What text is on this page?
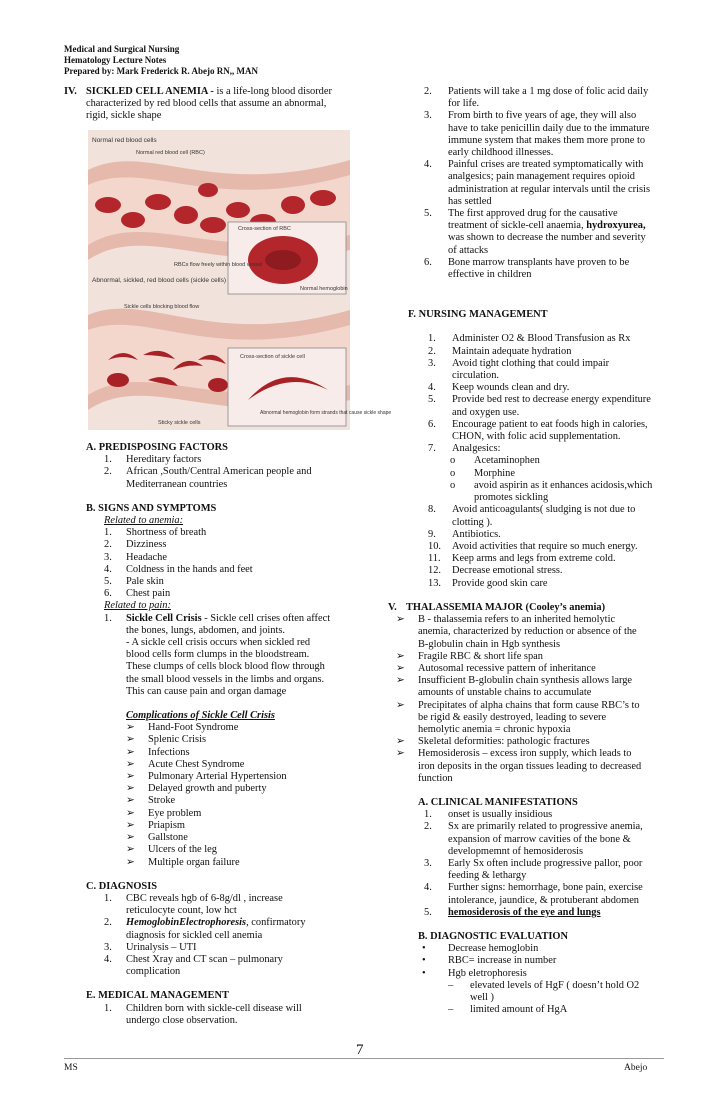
Medical and Surgical Nursing
Hematology Lecture Notes
Prepared by: Mark Frederick R. Abejo RN,, MAN
IV. SICKLED CELL ANEMIA - is a life-long blood disorder
characterized by red blood cells that assume an abnormal,
rigid, sickle shape
Normal red blood cells
Normal red blood cell (RBC)
Cross-section of RBC
RBCs flow freely within blood vessel
Normal hemoglobin
Abnormal, sickled, red blood cells (sickle cells)
Sickle cells blocking blood flow
Cross-section of sickle cell
Sticky sickle cells
Abnormal hemoglobin form strands that cause sickle shape
A. PREDISPOSING FACTORS
1.	Hereditary factors
2.	African ,South/Central American people and
Mediterranean countries
B. SIGNS AND SYMPTOMS
Related to anemia:
1.	Shortness of breath
2.	Dizziness
3.	Headache
4.	Coldness in the hands and feet
5.	Pale skin
6.	Chest pain
Related to pain:
1.	Sickle Cell Crisis - Sickle cell crises often affect
the bones, lungs, abdomen, and joints.
- A sickle cell crisis occurs when sickled red
blood cells form clumps in the bloodstream.
These clumps of cells block blood flow through
the small blood vessels in the limbs and organs.
This can cause pain and organ damage
Complications of Sickle Cell Crisis
➢	Hand-Foot Syndrome
➢	Splenic Crisis
➢	Infections
➢	Acute Chest Syndrome
➢	Pulmonary Arterial Hypertension
➢	Delayed growth and puberty
➢	Stroke
➢	Eye problem
➢	Priapism
➢	Gallstone
➢	Ulcers of the leg
➢	Multiple organ failure
C. DIAGNOSIS
1.	CBC reveals hgb of 6-8g/dl , increase
reticulocyte count, low hct
2.	HemoglobinElectrophoresis, confirmatory
diagnosis for sickled cell anemia
3.	Urinalysis – UTI
4.	Chest Xray and CT scan – pulmonary
complication
E. MEDICAL MANAGEMENT
1.	Children born with sickle-cell disease will
undergo close observation.
2.	Patients will take a 1 mg dose of folic acid daily
for life.
3.	From birth to five years of age, they will also
have to take penicillin daily due to the immature
immune system that makes them more prone to
early childhood illnesses.
4.	Painful crises are treated symptomatically with
analgesics; pain management requires opioid
administration at regular intervals until the crisis
has settled
5.	The first approved drug for the causative
treatment of sickle-cell anaemia, hydroxyurea,
was shown to decrease the number and severity
of attacks
6.	Bone marrow transplants have proven to be
effective in children
F. NURSING MANAGEMENT
1.	Administer O2 & Blood Transfusion as Rx
2.	Maintain adequate hydration
3.	Avoid tight clothing that could impair
circulation.
4.	Keep wounds clean and dry.
5.	Provide bed rest to decrease energy expenditure
and oxygen use.
6.	Encourage patient to eat foods high in calories,
CHON, with folic acid supplementation.
7.	Analgesics:
o	Acetaminophen
o	Morphine
o	avoid aspirin as it enhances acidosis,which
promotes sickling
8.	Avoid anticoagulants( sludging is not due to
clotting ).
9.	Antibiotics.
10.	Avoid activities that require so much energy.
11.	Keep arms and legs from extreme cold.
12.	Decrease emotional stress.
13.	Provide good skin care
V. THALASSEMIA MAJOR (Cooley’s anemia)
➢	B - thalassemia refers to an inherited hemolytic
anemia, characterized by reduction or absence of the
B-globulin chain in Hgb synthesis
➢	Fragile RBC & short life span
➢	Autosomal recessive pattern of inheritance
➢	Insufficient B-globulin chain synthesis allows large
amounts of unstable chains to accumulate
➢	Precipitates of alpha chains that form cause RBC’s to
be rigid & easily destroyed, leading to severe
hemolytic anemia = chronic hypoxia
➢	Skeletal deformities: pathologic fractures
➢	Hemosiderosis – excess iron supply, which leads to
iron deposits in the organ tissues leading to decreased
function
A. CLINICAL MANIFESTATIONS
1.	onset is usually insidious
2.	Sx are primarily related to progressive anemia,
expansion of marrow cavities of the bone &
developmemnt of hemosiderosis
3.	Early Sx often include progressive pallor, poor
feeding & lethargy
4.	Further signs: hemorrhage, bone pain, exercise
intolerance, jaundice, & protuberant abdomen
5.	hemosiderosis of the eye and lungs
B. DIAGNOSTIC EVALUATION
•	Decrease hemoglobin
•	RBC= increase in number
•	Hgb eletrophoresis
–	elevated levels of HgF ( doesn’t hold O2
well )
–	limited amount of HgA
7
MS	Abejo
